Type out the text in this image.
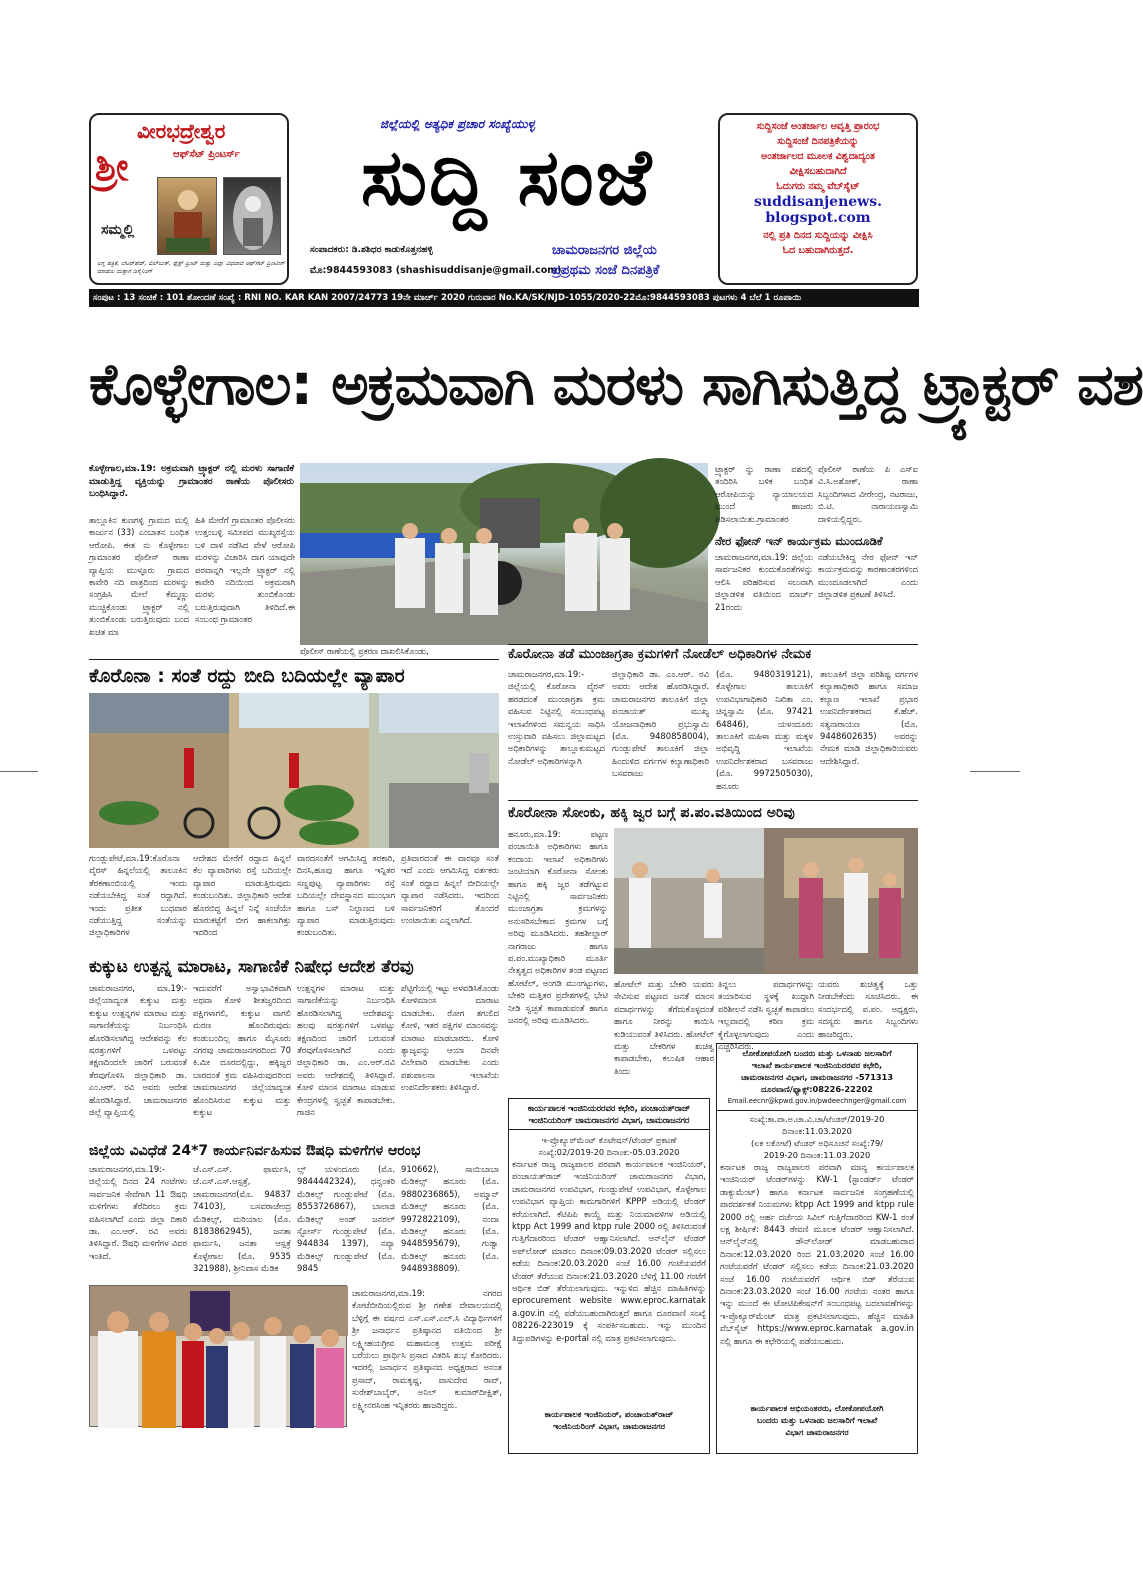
ಶ್ರೀ
ವೀರಭದ್ರೇಶ್ವರ
ಆಫ್‌ಸೆಟ್ ಪ್ರಿಂಟರ್ಸ್
ಸಮ್ಮಲ್ಲಿ
ಲಗ್ನ ಪತ್ರಿಕೆ, ಲೆಟರ್‌ಹೆಡ್, ಬಿಲ್‌ಬುಕ್, ಫ್ಲೆಕ್ಸ್ ಪ್ರಿಂಟ್ ಮತ್ತು ಎಲ್ಲಾ ವಿಧವಾದ ಆಫ್‌ಸೆಟ್ ಪ್ರಿಂಟಿಂಗ್ ಮಾಡುಲ ಮತ್ತಾಗ ಡಿಸೈನಿಂಗ್
ಜಿಲ್ಲೆಯಲ್ಲಿ ಅತ್ಯಧಿಕ ಪ್ರಚಾರ ಸಂಖ್ಯೆಯುಳ್ಳ
ಸುದ್ದಿ ಸಂಜೆ
ಸಂಪಾದಕರು: ಡಿ.ಶಶಿಧರ ಕಾಡುಕೊತ್ತನಹಳ್ಳಿ
ಮೊ:9844593083 (shashisuddisanje@gmail.com)
ಚಾಮರಾಜನಗರ ಜಿಲ್ಲೆಯ
ಪ್ರಪ್ರಥಮ ಸಂಜೆ ದಿನಪತ್ರಿಕೆ
ಸುದ್ದಿಸಂಜೆ ಅಂತರ್ಜಾಲ ಆವೃತ್ತಿ ಪ್ರಾರಂಭ
ಸುದ್ದಿಸಂಜೆ ದಿನಪತ್ರಿಕೆಯನ್ನು
ಅಂತರ್ಜಾಲದ ಮೂಲಕ ವಿಶ್ವದಾದ್ಯಂತ
ವೀಕ್ಷಿಸಬಹುದಾಗಿದೆ
ಓದುಗರು ನಮ್ಮ ವೆಬ್‌ಸೈಟ್
suddisanjenews.
blogspot.com
ನಲ್ಲಿ ಪ್ರತಿ ದಿನದ ಸುದ್ದಿಯನ್ನು ವೀಕ್ಷಿಸಿ
ಓದ ಬಹುದಾಗಿರುತ್ತದೆ.
ಸಂಪುಟ : 13 ಸಂಚಿಕೆ : 101 ಶೋಂದಣೆ ಸಂಖ್ಯೆ : RNI NO. KAR KAN 2007/24773 19ನೇ ಮಾರ್ಚ್ 2020 ಗುರುವಾರ No.KA/SK/NJD-1055/2020-22ಮೊ:9844593083 ಪುಟಗಳು 4 ಬೆಲೆ 1 ರೂಪಾಯಿ
ಕೊಳ್ಳೇಗಾಲ: ಅಕ್ರಮವಾಗಿ ಮರಳು ಸಾಗಿಸುತ್ತಿದ್ದ ಟ್ರ್ಯಾಕ್ಟರ್ ವಶ
ಕೊಳ್ಳೇಗಾಲ,ಮಾ.19: ಅಕ್ರಮವಾಗಿ ಟ್ರ್ಯಾಕ್ಟರ್ ನಲ್ಲಿ ಮರಳು ಸಾಗಾಣಿಕೆ ಮಾಡುತ್ತಿದ್ದ ವ್ಯಕ್ತಿಯನ್ನು ಗ್ರಾಮಾಂತರ ಠಾಣೆಯ ಪೊಲೀಸರು ಬಂಧಿಸಿದ್ದಾರೆ.
ತಾಲ್ಲೂಕಿನ ಕುಣಗಳ್ಳಿ ಗ್ರಾಮದ ಮಲ್ಲಿ ಕಾರ್ಜುನ (33) ಎಂಬಾತನ ಬಂಧಿತ ಆರೋಪಿ. ಈತ ನು ಕೊಳ್ಳೇಗಾಲ ಗ್ರಾಮಾಂತರ ಪೊಲೀಸ್ ಠಾಣಾ ವ್ಯಾಪ್ತಿಯ ಮುಳ್ಳೂರು ಗ್ರಾಮದ ಕಾವೇರಿ ನದಿ ಪಾತ್ರದಿಂದ ಮರಳನ್ನು ಸಂಗ್ರಹಿಸಿ ಮೇಲೆ ಕೆಮ್ಮಣ್ಣು ಮುಚ್ಚಿಕೊಂಡು ಟ್ರ್ಯಾಕ್ಟರ್ ನಲ್ಲಿ ತುಂಬಿಕೊಂಡು ಬರುತ್ತಿರುವುದು ಬಂದ ಖಚಿತ ಮಾ
ಹಿತಿ ಮೇರೆಗೆ ಗ್ರಾಮಾಂತರ ಪೊಲೀಸರು ಉತ್ತಂಬಳ್ಳಿ ಸಮೀಪದ ಮುಖ್ಯರಸ್ತೆಯ ಬಳಿ ದಾಳಿ ನಡೆಸಿದ ವೇಳೆ ಆರೋಪಿ ಮರಳನ್ನು ವಿಚಾರಿಸಿ ದಾಗ ಯಾವುದೇ ಪರವಾನ್ನಗಿ ಇಲ್ಲದೇ ಟ್ರ್ಯಾಕ್ಟರ್ ನಲ್ಲಿ ಕಾವೇರಿ ನದಿಯಿಂದ ಅಕ್ರಮವಾಗಿ ಮರಳು ತುಂಬಿಕೊಂಡು ಬರುತ್ತಿರುವುದಾಗಿ ತಿಳಿದಿದೆ.ಈ ಸಂಬಂಧ ಗ್ರಾಮಾಂತರ
ಪೊಲೀಸ್ ಠಾಣೆಯಲ್ಲಿ ಪ್ರಕರಣ ದಾಖಲಿಸಿಕೊಂಡು,
ಟ್ರ್ಯಾಕ್ಟರ್ ನ್ನು ಠಾಣಾ ವಶದಲ್ಲಿ ತಂದಿರಿಸಿ ಬಳಿಕ ಬಂಧಿತ ಆರೋಪಿಯನ್ನು ನ್ಯಾಯಾಲಯದ ಮುಂದೆ ಹಾಜರು ಪಡಿಸಲಾಯಿತು.ಗ್ರಾಮಾಂತರ
ಪೊಲೀಸ್ ಠಾಣೆಯ ಪಿ ಎಸ್ಐ ವಿ.ಸಿ.ಅಶೋಕ್, ಠಾಣಾ ಸಿಬ್ಬಂದಿಗಳಾದ ವೀರೇಂದ್ರ, ನಟರಾಜು, ಬಿ.ಟಿ. ನಾರಾಯಣಸ್ವಾಮಿ ದಾಳಿಯಲ್ಲಿದ್ದರು.
ನೇರ ಫೋನ್ ಇನ್ ಕಾರ್ಯಕ್ರಮ ಮುಂದೂಡಿಕೆ
ಚಾಮರಾಜನಗರ,ಮಾ.19: ಜಿಲ್ಲೆಯ ಸಾರ್ವಜನಿಕರ ಕುಂದುಕೊರತೆಗಳನ್ನು ಆಲಿಸಿ ಪರಿಹರಿಸುವ ಸಲುವಾಗಿ ಜಿಲ್ಲಾಡಳಿತ ವತಿಯಿಂದ ಮಾರ್ಚ್ 21ರಂದು
ನಡೆಯಬೇಕಿದ್ದ ನೇರ ಫೋನ್ ಇನ್ ಕಾರ್ಯಕ್ರಮವನ್ನು ಕಾರಣಾಂತರಗಳಿಂದ ಮುಂದೂಡಲಾಗಿದೆ ಎಂದು ಜಿಲ್ಲಾಡಳಿತ ಪ್ರಕಟಣೆ ತಿಳಿಸಿದೆ.
ಕೊರೋನಾ ತಡೆ ಮುಂಜಾಗ್ರತಾ ಕ್ರಮಗಳಿಗೆ ನೋಡೆಲ್ ಅಧಿಕಾರಿಗಳ ನೇಮಕ
ಚಾಮರಾಜನಗರ,ಮಾ.19:- ಜಿಲ್ಲೆಯಲ್ಲಿ ಕೊರೋನಾ ವೈರಸ್ ಹರಡದಂತೆ ಮುಂಜಾಗ್ರತಾ ಕ್ರಮ ವಹಿಸುವ ನಿಟ್ಟಿನಲ್ಲಿ ಸಂಬಂಧಪಟ್ಟ ಇಲಾಖೆಗಳಿಂದ ಸಮನ್ವಯ ಸಾಧಿಸಿ ಉಸ್ತುವಾರಿ ವಹಿಸಲು ಜಿಲ್ಲಾಮಟ್ಟದ ಅಧಿಕಾರಿಗಳನ್ನು ತಾಲ್ಲೂಕುಮಟ್ಟದ ನೋಡೆಲ್ ಅಧಿಕಾರಿಗಳನ್ನಾಗಿ
ಜಿಲ್ಲಾಧಿಕಾರಿ ಡಾ. ಎಂ.ಆರ್. ರವಿ ಅವರು ಆದೇಶ ಹೊರಡಿಸಿದ್ದಾರೆ. ಚಾಮರಾಜನಗರ ತಾಲೂಕಿಗೆ ಜಿಲ್ಲಾ ಪಂಚಾಯತ್ ಮುಖ್ಯ ಯೋಜನಾಧಿಕಾರಿ ಪ್ರಭುಸ್ವಾಮಿ (ಮೊ. 9480858004), ಗುಂಡ್ಲುಪೇಟೆ ತಾಲೂಕಿಗೆ ಜಿಲ್ಲಾ ಹಿಂದುಳಿದ ವರ್ಗಗಳ ಕಲ್ಯಾಣಾಧಿಕಾರಿ ಬಸವರಾಜು
(ಮೊ. 9480319121), ಕೊಳ್ಳೇಗಾಲ ತಾಲೂಕಿಗೆ ಉಪವಿಭಾಗಾಧಿಕಾರಿ ನಿಖಿತಾ ಎಂ. ಚಿನ್ನಸ್ವಾಮಿ (ಮೊ. 97421 64846), ಯಳಂದೂರು ತಾಲೂಕಿಗೆ ಮಹಿಳಾ ಮತ್ತು ಮಕ್ಕಳ ಅಭಿವೃದ್ಧಿ ಇಲಾಖೆಯ ಉಪನಿರ್ದೇಶಕರಾದ ಬಸವರಾಜು (ಮೊ. 9972505030), ಹನೂರು
ತಾಲೂಕಿಗೆ ಜಿಲ್ಲಾ ಪರಿಶಿಷ್ಟ ವರ್ಗಗಳ ಕಲ್ಯಾಣಾಧಿಕಾರಿ ಹಾಗೂ ಸಮಾಜ ಕಲ್ಯಾಣ ಇಲಾಖೆ ಪ್ರಭಾರ ಉಪನಿರ್ದೇಶಕರಾದ ಕೆ.ಹೆಚ್. ಸತ್ಯನಾರಾಯಣ (ಮೊ. 9448602635) ಅವರನ್ನು ನೇಮಕ ಮಾಡಿ ಜಿಲ್ಲಾಧಿಕಾರಿಯವರು ಆದೇಶಿಸಿದ್ದಾರೆ.
ಕೊರೊನಾ : ಸಂತೆ ರದ್ದು ಬೀದಿ ಬದಿಯಲ್ಲೇ ವ್ಯಾಪಾರ
ಗುಂಡ್ಲುಪೇಟೆ,ಮಾ.19:ಕೊರೊನಾ ವೈರಸ್ ಹಿನ್ನಲೆಯಲ್ಲಿ ತಾಲೂಕಿನ ತೆರಕಣಾಂಬಿಯಲ್ಲಿ ಇಂದು ನಡೆಯಬೇಕಿದ್ದ ಸಂತೆ ರದ್ದಾಗಿದೆ. ಇಂದು ಪ್ರತೀತ ಬುಧವಾರ ನಡೆಯುತ್ತಿದ್ದ ಸಂತೆಯನ್ನು ಜಿಲ್ಲಾಧಿಕಾರಿಗಳ
ಆದೇಶದ ಮೇರೆಗೆ ರದ್ದಾದ ಹಿನ್ನಲೆ ಕೆಲ ವ್ಯಾಪಾರಿಗಳು ರಸ್ತೆ ಬದಿಯಲ್ಲೇ ವ್ಯಾಪಾರ ಮಾಡುತ್ತಿರುವುದು ಕಂಡುಬಂದಿತು. ಜಿಲ್ಲಾಧಿಕಾರಿ ಆದೇಶ ಹೊರಬಿದ್ದ ಹಿನ್ನಲೆ ನಿನ್ನೆ ಸಂಜೆಯೇ ಮಾರುಕಟ್ಟೆಗೆ ಬೀಗ ಹಾಕಲಾಗಿತ್ತು ಇದರಿಂದ
ವಾರದಸಂತೆಗೆ ಆಗಮಿಸಿದ್ದ ತರಕಾರಿ, ದಿನಸಿ,ಹೂವು ಹಾಗೂ ಇನ್ನಿತರ ಸಣ್ಣಪುಟ್ಟ ವ್ಯಾಪಾರಿಗಳು ರಸ್ತೆ ಬದಿಯಲ್ಲೇ ದೇವಸ್ಥಾನದ ಮುಂಭಾಗ ಹಾಗೂ ಬಸ್ ನಿಲ್ದಾಣದ ಬಳಿ ವ್ಯಾಪಾರ ಮಾಡುತ್ತಿರುವುದು ಕಂಡುಬಂದಿತು.
ಪ್ರತಿವಾರದಂತೆ ಈ ವಾರವೂ ಸಂತೆ ಇದೆ ಎಂದು ಆಗಮಿಸಿದ್ದ ವರ್ತಕರು ಸಂತೆ ರದ್ದಾದ ಹಿನ್ನಲೆ ಬೀದಿಯಲ್ಲೇ ವ್ಯಾಪಾರ ನಡೆಸಿದರು. ಇದರಿಂದ ಸಾರ್ವಜನಿಕರಿಗೆ ತೊಂದರೆ ಉಂಟಾಯಿತು ಎನ್ನಲಾಗಿದೆ.
ಕೊರೋನಾ ಸೋಂಕು, ಹಕ್ಕಿ ಜ್ವರ ಬಗ್ಗೆ ಪ.ಪಂ.ವತಿಯಿಂದ ಅರಿವು
ಹನೂರು,ಮಾ.19: ಪಟ್ಟಣ ಪಂಚಾಯಿತಿ ಅಧಿಕಾರಿಗಳು ಹಾಗೂ ಕಂದಾಯ ಇಲಾಖೆ ಅಧಿಕಾರಿಗಳು ಜಂಟಿಯಾಗಿ ಕೊರೋನಾ ಸೋಂಕು ಹಾಗೂ ಹಕ್ಕಿ ಜ್ವರ ತಡೆಗಟ್ಟುವ ನಿಟ್ಟಿನಲ್ಲಿ ಸಾರ್ವಜನಿಕರು ಮುಂಜಾಗ್ರತಾ ಕ್ರಮಗಳನ್ನು ಅನುಸರಿಸಬೇಕಾದ ಕ್ರಮಗಳ ಬಗ್ಗೆ ಅರಿವು ಮೂಡಿಸಿದರು. ತಹಶೀಲ್ದಾರ್ ನಾಗರಾಜು ಹಾಗೂ ಪ.ಪಂ.ಮುಖ್ಯಾಧಿಕಾರಿ ಮೂರ್ತಿ ನೇತೃತ್ವದ ಅಧಿಕಾರಿಗಳ ತಂಡ ಪಟ್ಟಣದ ಹೋಟೆಲ್, ಅಂಗಡಿ ಮುಂಗಟ್ಟುಗಳು, ಬೇಕರಿ ಮತ್ತಿತರ ಪ್ರದೇಶಗಳಲ್ಲಿ ಭೇಟಿ ನೀಡಿ ಸ್ವಚ್ಛತೆ ಕಾಪಾಡುವಂತೆ ಹಾಗೂ ಜನರಲ್ಲಿ ಅರಿವು ಮೂಡಿಸಿದರು.
ಹೋಟೆಲ್ ಮತ್ತು ಬೇಕರಿ ಯವರು ಸೇವಿಸುವ ಪಟ್ಟಣದ ಜನತೆ ಮಾಂಸ ಪದಾರ್ಥಗಳನ್ನು ತೆಗೆದುಕೊಳ್ಳದಂತೆ ಹಾಗೂ ನೀರನ್ನು ಕಾಯಿಸಿ ಕುಡಿಯುವಂತೆ ತಿಳಿಸಿದರು. ಹೋಟೆಲ್ ಮತ್ತು ಬೇಕರಿಗಳ ಶುಚಿತ್ವ ಕಾಪಾಡಬೇಕು, ಕಲುಷಿತ ಆಹಾರ ತಿಂದು
ತಿನ್ನಲು ಪದಾರ್ಥಗಳನ್ನು ತಯಾರಿಸುವ ಸ್ಥಳಕ್ಕೆ ಖುದ್ದಾಗಿ ಪರಿಶೀಲನೆ ನಡೆಸಿ ಸ್ವಚ್ಛತೆ ಕಾಪಾಡಲು ಇಲ್ಲವಾದಲ್ಲಿ ಕಠಿಣ ಕ್ರಮ ಕೈಗೊಳ್ಳಲಾಗುವುದು ಎಂದು ಎಚ್ಚರಿಸಿದರು.
ಯವರು ಶುಚಿತ್ವಕ್ಕೆ ಒತ್ತು ನೀಡಬೇಕೆಂದು ಸೂಚಿಸಿದರು. ಈ ಸಂದರ್ಭದಲ್ಲಿ ಪ.ಪಂ. ಅಧ್ಯಕ್ಷರು, ಸದಸ್ಯರು ಹಾಗೂ ಸಿಬ್ಬಂದಿಗಳು ಹಾಜರಿದ್ದರು.
ಕುಕ್ಕುಟ ಉತ್ಪನ್ನ ಮಾರಾಟ, ಸಾಗಾಣಿಕೆ ನಿಷೇಧ ಆದೇಶ ತೆರವು
ಚಾಮರಾಜನಗರ, ಮಾ.19:- ಜಿಲ್ಲೆಯಾದ್ಯಂತ ಕುಕ್ಕುಟ ಮತ್ತು ಕುಕ್ಕುಟ ಉತ್ಪನ್ನಗಳ ಮಾರಾಟ ಮತ್ತು ಸಾಗಾಣಿಕೆಯನ್ನು ನಿರ್ಬಂಧಿಸಿ ಹೊರಡಿಸಲಾಗಿದ್ದ ಆದೇಶವನ್ನು ಕೆಲ ಷರತ್ತುಗಳಿಗೆ ಒಳಪಟ್ಟು ತಕ್ಷಣದಿಂದಲೇ ಜಾರಿಗೆ ಬರುವಂತೆ ತೆರವುಗೊಳಿಸಿ ಜಿಲ್ಲಾಧಿಕಾರಿ ಡಾ. ಎಂ.ಆರ್. ರವಿ ಅವರು ಆದೇಶ ಹೊರಡಿಸಿದ್ದಾರೆ. ಚಾಮರಾಜನಗರ ಜಿಲ್ಲೆ ವ್ಯಾಪ್ತಿಯಲ್ಲಿ
ಇದುವರೆಗೆ ಅಸ್ವಾಭಾವಿಕವಾಗಿ ಅಥವಾ ಕೋಳಿ ಶೀತಜ್ವರದಿಂದ ಪಕ್ಷಿಗಳಾಗಲಿ, ಕುಕ್ಕುಟ ವಾಗಲಿ ಮರಣ ಹೊಂದಿರುವುದು ಕಂಡುಬಂದಿಲ್ಲ ಹಾಗೂ ಮೈಸೂರು ನಗರವು ಚಾಮರಾಜನಗರದಿಂದ 70 ಕಿ.ಮೀ ದೂರದಲ್ಲಿದ್ದು, ಹಕ್ಕಿಜ್ವರ ಬಾರದಂತೆ ಕ್ರಮ ವಹಿಸಿರುವುದರಿಂದ ಚಾಮರಾಜನಗರ ಜಿಲ್ಲೆಯಾದ್ಯಂತ ಹೊಂದಿಸಿರುವ ಕುಕ್ಕುಟ ಮತ್ತು ಕುಕ್ಕುಟ
ಉತ್ಪನ್ನಗಳ ಮಾರಾಟ ಮತ್ತು ಸಾಗಾಣಿಕೆಯನ್ನು ನಿರ್ಬಂಧಿಸಿ ಹೊರಡಿಸಲಾಗಿದ್ದ ಆದೇಶವನ್ನು ಹಲವು ಷರತ್ತುಗಳಿಗೆ ಒಳಪಟ್ಟು ತಕ್ಷಣದಿಂದ ಜಾರಿಗೆ ಬರುವಂತೆ ತೆರವುಗೊಳಿಸಲಾಗಿದೆ ಎಂದು ಜಿಲ್ಲಾಧಿಕಾರಿ ಡಾ. ಎಂ.ಆರ್.ರವಿ ಅವರು ಆದೇಶದಲ್ಲಿ ತಿಳಿಸಿದ್ದಾರೆ. ಕೋಳಿ ಮಾಂಸ ಮಾರಾಟ ಮಾಡುವ ಕೇಂದ್ರಗಳಲ್ಲಿ ಸ್ವಚ್ಛತೆ ಕಾಪಾಡಬೇಕು. ಗಾಜಿನ
ಪೆಟ್ಟಿಗೆಯಲ್ಲಿ ಇಟ್ಟು ಅಳವಡಿಸಿಕೊಂಡು ಕೋಳಿಮಾಂಸ ಮಾರಾಟ ಮಾಡಬೇಕು. ರೋಗ ತಗುಲಿದ ಕೋಳಿ, ಇತರ ಪಕ್ಷಿಗಳ ಮಾಂಸವನ್ನು ಮಾರಾಟ ಮಾಡಬಾರದು. ಕೋಳಿ ತ್ಯಾಜ್ಯವನ್ನು ಆಯಾ ದಿನವೇ ವಿಲೇವಾರಿ ಮಾಡಬೇಕು ಎಂದು ಪಶುಪಾಲನಾ ಇಲಾಖೆಯ ಉಪನಿರ್ದೇಶಕರು ತಿಳಿಸಿದ್ದಾರೆ.
ಜಿಲ್ಲೆಯ ವಿವಿಧೆಡೆ 24*7 ಕಾರ್ಯನಿರ್ವಹಿಸುವ ಔಷಧಿ ಮಳಿಗೆಗಳ ಆರಂಭ
ಚಾಮರಾಜನಗರ,ಮಾ.19:- ಜಿಲ್ಲೆಯಲ್ಲಿ ದಿನದ 24 ಗಂಟೆಗಳು ಸಾರ್ವಜನಿಕ ಸೇವೆಗಾಗಿ 11 ಔಷಧಿ ಮಳಿಗೆಗಳು ತೆರೆದಿರಲು ಕ್ರಮ ವಹಿಸಲಾಗಿದೆ ಎಂದು ಜಿಲ್ಲಾ ದಿಕಾರಿ ಡಾ. ಎಂ.ಆರ್. ರವಿ ಅವರು ತಿಳಿಸಿದ್ದಾರೆ. ಔಷಧಿ ಮಳಿಗೆಗಳ ವಿವರ ಇಂತಿದೆ.
ಜೆ.ಎಸ್.ಎಸ್. ಫಾರ್ಮಸಿ, ಜೆ.ಎಸ್.ಎಸ್.ಆಸ್ಪತ್ರೆ, ಚಾಮರಾಜನಗರ(ಮೊ. 94837 74103), ಬಸವರಾಜೇಂದ್ರ ಮೆಡಿಕಲ್ಸ್, ಮರಿಯಾಲ (ಮೊ. 8183862945), ಜನತಾ ಫಾರ್ಮಸಿ, ಜನತಾ ಆಸ್ಪತ್ರೆ ಕೊಳ್ಳೇಗಾಲ (ಮೊ. 9535 321988), ಶ್ರೀನಿವಾಸ ಮೆಡಿಕ
ಲ್ಸ್ ಯಳಂದೂರು (ಮೊ. 9844442324), ಧನ್ವಂತರಿ ಮೆಡಿಕಲ್ಸ್ ಗುಂಡ್ಲುಪೇಟೆ (ಮೊ. 8553726867), ಬಾಲಾಜಿ ಮೆಡಿಕಲ್ಸ್ ಅಂಡ್ ಜನರಲ್ ಸ್ಟೋರ್ಸ್ ಗುಂಡ್ಲುಪೇಟೆ (ಮೊ. 944834 1397), ನವ್ಯಾ ಮೆಡಿಕಲ್ಸ್ ಗುಂಡ್ಲುಪೇಟೆ (ಮೊ. 9845
910662), ಸಾಯಿಬಾಬಾ ಮೆಡಿಕಲ್ಸ್ ಹನೂರು (ಮೊ. 9880236865), ಅಮ್ಮಾನ್ ಮೆಡಿಕಲ್ಸ್ ಹನೂರು (ಮೊ. 9972822109), ನಂದಾ ಮೆಡಿಕಲ್ಸ್ ಹನೂರು (ಮೊ. 9448595679), ಗುಡ್ವಾ ಮೆಡಿಕಲ್ಸ್ ಹನೂರು (ಮೊ. 9448938809).
ಚಾಮರಾಜನಗರ,ಮಾ.19: ನಗರದ ಕೋಟೆಬೀದಿಯಲ್ಲಿರುವ ಶ್ರೀ ಗಣೇಶ ದೇವಾಲಯದಲ್ಲಿ ಬೆಳ್ಳಿಗ್ಗೆ ಈ ವರ್ಷದ ಎಸ್.ಎಸ್.ಎಲ್.ಸಿ ವಿದ್ಯಾರ್ಥಿಗಳಿಗೆ ಶ್ರೀ ಜನಾರ್ಧನ ಪ್ರತಿಷ್ಠಾನದ ವತಿಯಿಂದ ಶ್ರೀ ಲಕ್ಷ್ಮೀಹಯಗ್ರೀವ ಮಹಾಮಂತ್ರ ಉತ್ತಮ ಪರೀಕ್ಷೆ ಬರೆಯಲು ಪ್ರಾರ್ಥಿಸಿ ಪ್ರಸಾದ ವಿತರಿಸಿ ಶುಭ ಕೋರಿದರು. ಇದರಲ್ಲಿ ಜನಾರ್ಧನ ಪ್ರತಿಷ್ಠಾನದ ಅಧ್ಯಕ್ಷರಾದ ಅನಂತ ಪ್ರಸಾದ್, ರಾಮಕೃಷ್ಣ, ವಾಸುದೇವ ರಾವ್, ಸುರೇಶ್‌ಬಾಬೈರ್, ಅನಿಲ್ ಕುಮಾರ್‌ದೀಕ್ಷಿತ್, ಲಕ್ಷ್ಮೀನರಸಿಂಹ ಇನ್ನಿತರರು ಹಾಜರಿದ್ದರು.
ಕಾರ್ಯಪಾಲಕ ಇಂಜಿನಿಯರರವರ ಕಛೇರಿ, ಪಂಚಾಯತ್‌ರಾಜ್
ಇಂಜಿನಿಯರಿಂಗ್ ಚಾಮರಾಜನಗರ ವಿಭಾಗ, ಚಾಮರಾಜನಗರ
ಇ-ಪ್ರೊಕ್ಯೂರ್‌ಮೆಂಟ್ ಕೊಟೇಷನ್/ಟೆಂಡರ್ ಪ್ರಕಟಣೆ
ಸಂಖ್ಯೆ:02/2019-20 ದಿನಾಂಕ:-05.03.2020
ಕರ್ನಾಟಕ ರಾಜ್ಯ ರಾಜ್ಯಪಾಲರ ಪರವಾಗಿ ಕಾರ್ಯಪಾಲಕ ಇಂಜಿನಿಯರ್, ಪಂಚಾಯತ್‌ರಾಜ್ ಇಂಜಿನಿಯರಿಂಗ್ ಚಾಮರಾಜನಗರ ವಿಭಾಗ, ಚಾಮರಾಜನಗರ ಉಪವಿಭಾಗ, ಗುಂಡ್ಲುಪೇಟೆ ಉಪವಿಭಾಗ, ಕೊಳ್ಳೇಗಾಲ ಉಪವಿಭಾಗ ವ್ಯಾಪ್ತಿಯ ಕಾಮಗಾರಿಗಳಿಗೆ KPPP ಅಡಿಯಲ್ಲಿ ಟೆಂಡರ್ ಕರೆಯಲಾಗಿದೆ. ಕೆಟಿಪಿಪಿ ಕಾಯ್ದೆ ಮತ್ತು ನಿಯಮಾವಳಿಗಳ ಅಡಿಯಲ್ಲಿ ktpp Act 1999 and ktpp rule 2000 ರಲ್ಲಿ ತಿಳಿಸಿರುವಂತೆ ಗುತ್ತಿಗೆದಾರರಿಂದ ಟೆಂಡರ್ ಆಹ್ವಾನಿಸಲಾಗಿದೆ. ಆನ್‌ಲೈನ್ ಟೆಂಡರ್ ಅಪ್‌ಲೋಡ್ ಮಾಡಲು ದಿನಾಂಕ:09.03.2020 ಟೆಂಡರ್ ಸಲ್ಲಿಸಲು ಕಡೆಯ ದಿನಾಂಕ:20.03.2020 ಸಂಜೆ 16.00 ಗಂಟೆಯವರೆಗೆ ಟೆಂಡರ್ ತೆರೆಯುವ ದಿನಾಂಕ:21.03.2020 ಬೆಳಿಗ್ಗೆ 11.00 ಗಂಟೆಗೆ ಆರ್ಥಿಕ ಬಿಡ್ ತೆರೆಯಲಾಗುವುದು. ಇನ್ನುಳಿದ ಹೆಚ್ಚಿನ ಮಾಹಿತಿಗಳನ್ನು eprocurement website www.eproc.karnatak a.gov.in ನಲ್ಲಿ ಪಡೆಯಬಹುದಾಗಿರುತ್ತದೆ ಹಾಗೂ ದೂರವಾಣಿ ಸಂಖ್ಯೆ 08226-223019 ಕ್ಕೆ ಸಂಪರ್ಕಿಸಬಹುದು. ಇನ್ನು ಮುಂದಿನ ತಿದ್ದುಪಡಿಗಳನ್ನು e-portal ನಲ್ಲಿ ಮಾತ್ರ ಪ್ರಕಟಿಸಲಾಗುವುದು.
ಕಾರ್ಯಪಾಲಕ ಇಂಜಿನಿಯರ್, ಪಂಚಾಯತ್‌ರಾಜ್
ಇಂಜಿನಿಯರಿಂಗ್ ವಿಭಾಗ, ಚಾಮರಾಜನಗರ
ಲೋಕೋಪಯೋಗಿ ಬಂದರು ಮತ್ತು ಒಳನಾಡು ಜಲಸಾರಿಗೆ
ಇಲಾಖೆ ಕಾರ್ಯಪಾಲಕ ಇಂಜಿನಿಯರರವರ ಕಛೇರಿ,
ಚಾಮರಾಜನಗರ ವಿಭಾಗ, ಚಾಮರಾಜನಗರ -571313
ದೂರವಾಣಿ/ಫ್ಯಾಕ್ಸ್:08226-22202
Email.eecnr@kpwd.gov.in/pwdeechnger@gmail.com
ಸಂಖ್ಯೆ:ಕಾ.ಪಾ.ಅ.ಚಾ.ವಿ.ಚಾ/ಟೆಂಡರ್/2019-20
ದಿನಾಂಕ:11.03.2020
(ಏಕ ಲಕೋಟೆ) ಟೆಂಡರ್ ಅಧಿಸೂಚನೆ ಸಂಖ್ಯೆ:79/
2019-20 ದಿನಾಂಕ:11.03.2020
ಕರ್ನಾಟಕ ರಾಜ್ಯ ರಾಜ್ಯಪಾಲರ ಪರವಾಗಿ ಮಾನ್ಯ ಕಾರ್ಯಪಾಲಕ ಇಂಜಿನಿಯರ್ ಟೆಂಡರ್‌ಗಳನ್ನು KW-1 (ಸ್ಟಾಂಡರ್ಡ್ ಟೆಂಡರ್ ಡಾಕ್ಯುಮೆಂಟ್) ಹಾಗೂ ಕರ್ನಾಟಕ ಸಾರ್ವಜನಿಕ ಸಂಗ್ರಹಣೆಯಲ್ಲಿ ಪಾರದರ್ಶಕತೆ ನಿಯಮಗಳು ktpp Act 1999 and ktpp rule 2000 ರಲ್ಲಿ ಅರ್ಹ ದರ್ಜೆಯ ಸಿವಿಲ್ ಗುತ್ತಿಗೆದಾರರಿಂದ KW-1 ರಂತೆ ಲಕ್ಷ ಶೀರ್ಷಿಕೆ: 8443 ಠೇವಣಿ ಮೂಲಕ ಟೆಂಡರ್ ಆಹ್ವಾನಿಸಲಾಗಿದೆ. ಆನ್‌ಲೈನ್‌ನಲ್ಲಿ ಡೌನ್‌ಲೋಡ್ ಮಾಡಬಹುದಾದ ದಿನಾಂಕ:12.03.2020 ರಿಂದ 21.03.2020 ಸಂಜೆ 16.00 ಗಂಟೆಯವರೆಗೆ ಟೆಂಡರ್ ಸಲ್ಲಿಸಲು ಕಡೆಯ ದಿನಾಂಕ:21.03.2020 ಸಂಜೆ 16.00 ಗಂಟೆಯವರೆಗೆ ಆರ್ಥಿಕ ಬಿಡ್ ತೆರೆಯುವ ದಿನಾಂಕ:23.03.2020 ಸಂಜೆ 16.00 ಗಂಟೆಯ ನಂತರ ಹಾಗೂ ಇನ್ನು ಮುಂದೆ ಈ ಟೋಟಿಪಿಕೇಷನ್‌ಗೆ ಸಂಬಂಧಪಟ್ಟ ಬದಲಾವಣೆಗಳನ್ನು ಇ-ಪ್ರೊಕ್ಯೂರ್‌ಮೆಂಟ್ ಮಾತ್ರ ಪ್ರಕಟಿಸಲಾಗುವುದು. ಹೆಚ್ಚಿನ ಮಾಹಿತಿ ವೆಬ್‌ಸೈಟ್ https://www.eproc.karnatak a.gov.in ನಲ್ಲಿ ಹಾಗೂ ಈ ಕಛೇರಿಯಲ್ಲಿ ಪಡೆಯಬಹುದು.
ಕಾರ್ಯಪಾಲಕ ಅಭಿಯಂತರರು, ಲೋಕೋಪಯೋಗಿ
ಬಂದರು ಮತ್ತು ಒಳನಾಡು ಜಲಸಾರಿಗೆ ಇಲಾಖೆ
ವಿಭಾಗ ಚಾಮರಾಜನಗರ
